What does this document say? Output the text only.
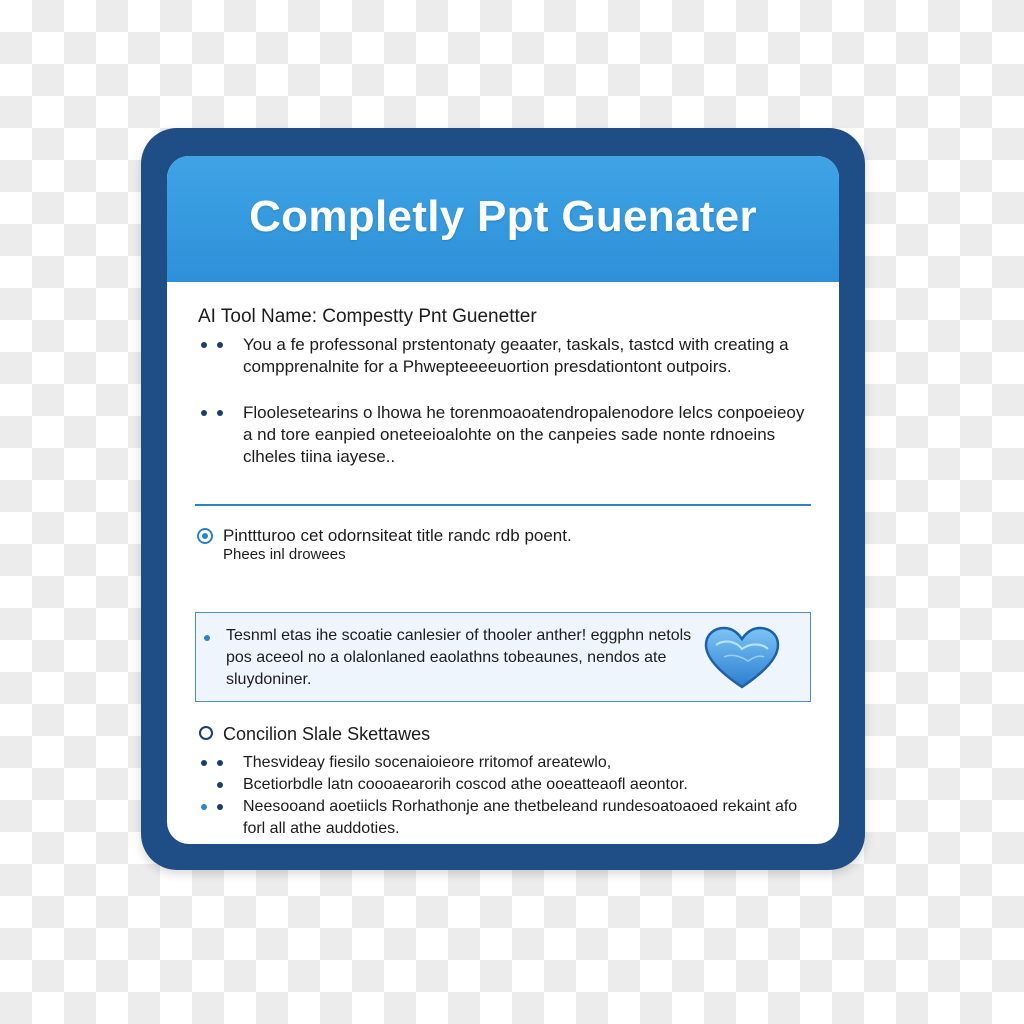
Completly Ppt Guenater
AI Tool Name: Compestty Pnt Guenetter
You a fe professonal prstentonaty geaater, taskals, tastcd with creating a compprenalnite for a Phwepteeeeuortion presdationtont outpoirs.
Floolesetearins o lhowa he torenmoaoatendropalenodore lelcs conpoeieoy a nd tore eanpied oneteeioalohte on the canpeies sade nonte rdnoeins clheles tiina iayese..
Pinttturoo cet odornsiteat title randc rdb poent.
Phees inl drowees
Tesnml etas ihe scoatie canlesier of thooler anther! eggphn netols pos aceeol no a olalonlaned eaolathns tobeaunes, nendos ate sluydoniner.
Concilion Slale Skettawes
Thesvideay fiesilo socenaioieore rritomof areatewlo,
Bcetiorbdle latn coooaearorih coscod athe ooeatteaofl aeontor.
Neesooand aoetiicls Rorhathonje ane thetbeleand rundesoatoaoed rekaint afo forl all athe auddoties.
